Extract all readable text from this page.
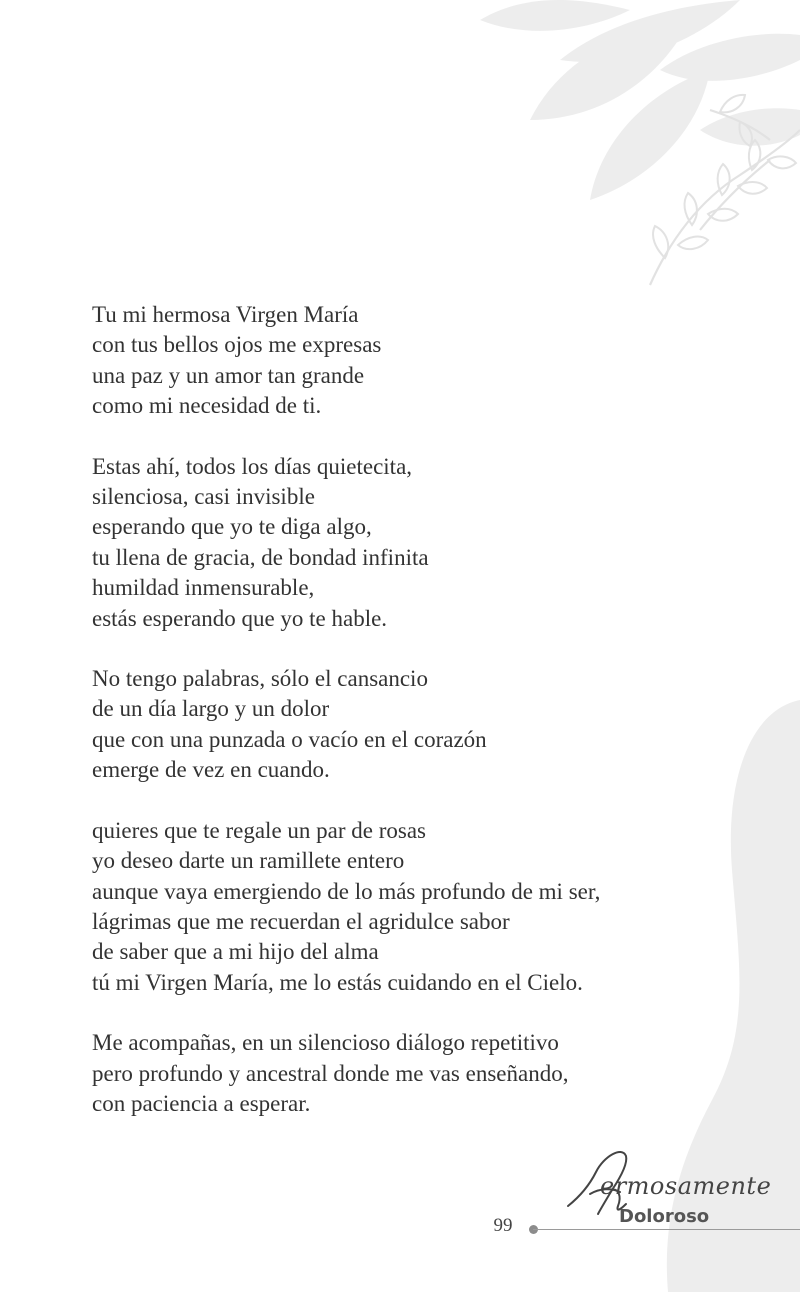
Tu mi hermosa Virgen María
con tus bellos ojos me expresas
una paz y un amor tan grande
como mi necesidad de ti.
Estas ahí, todos los días quietecita,
silenciosa, casi invisible
esperando que yo te diga algo,
tu llena de gracia, de bondad infinita
humildad inmensurable,
estás esperando que yo te hable.
No tengo palabras, sólo el cansancio
de un día largo y un dolor
que con una punzada o vacío en el corazón
emerge de vez en cuando.
quieres que te regale un par de rosas
yo deseo darte un ramillete entero
aunque vaya emergiendo de lo más profundo de mi ser,
lágrimas que me recuerdan el agridulce sabor
de saber que a mi hijo del alma
tú mi Virgen María, me lo estás cuidando en el Cielo.
Me acompañas, en un silencioso diálogo repetitivo
pero profundo y ancestral donde me vas enseñando,
con paciencia a esperar.
ermosamente
Doloroso
99
